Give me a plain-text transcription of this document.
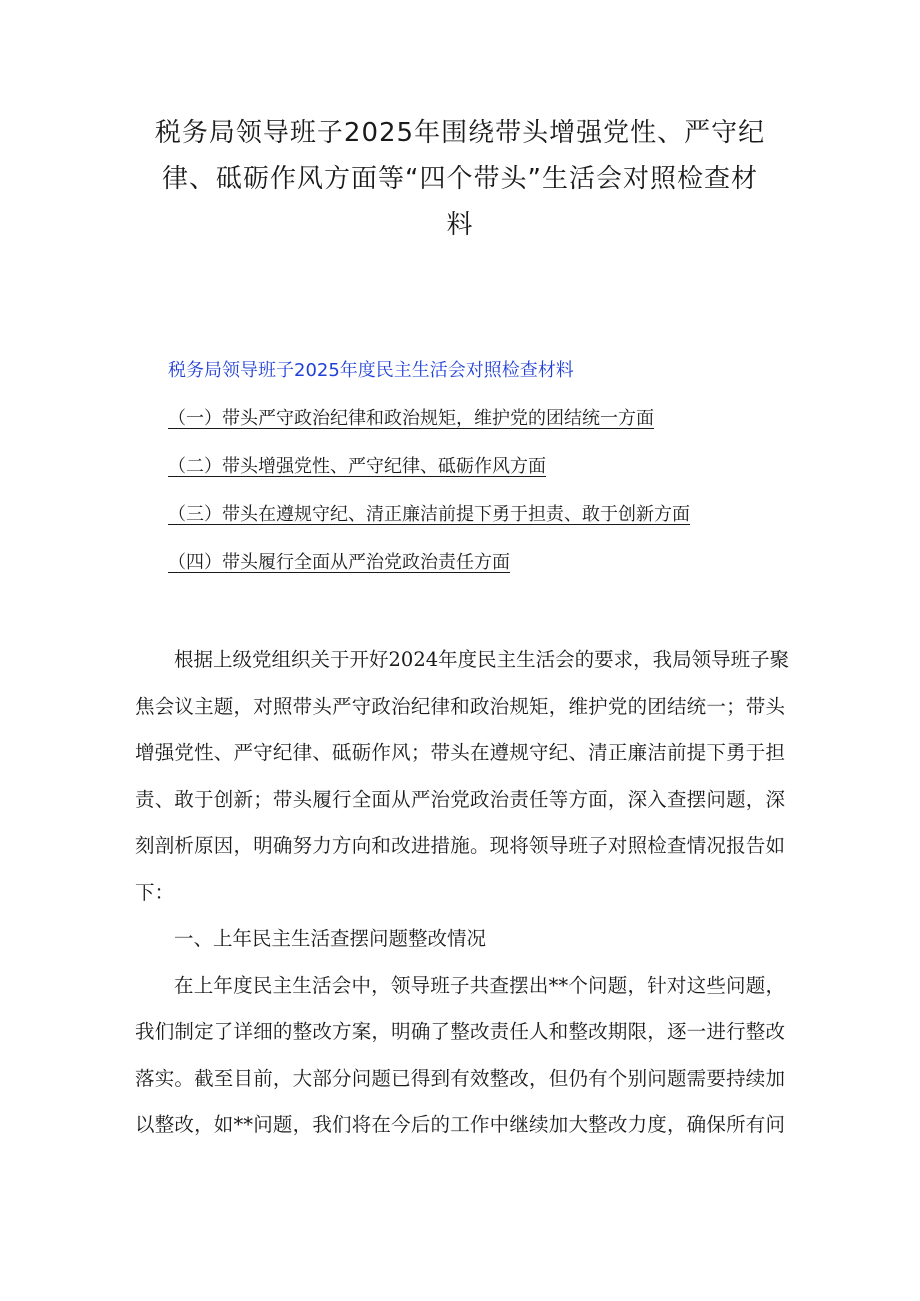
税务局领导班子2025年围绕带头增强党性、严守纪
律、砥砺作风方面等“四个带头”生活会对照检查材
料
税务局领导班子2025年度民主生活会对照检查材料
（一）带头严守政治纪律和政治规矩，维护党的团结统一方面
（二）带头增强党性、严守纪律、砥砺作风方面
（三）带头在遵规守纪、清正廉洁前提下勇于担责、敢于创新方面
（四）带头履行全面从严治党政治责任方面
根据上级党组织关于开好2024年度民主生活会的要求，我局领导班子聚
焦会议主题，对照带头严守政治纪律和政治规矩，维护党的团结统一；带头
增强党性、严守纪律、砥砺作风；带头在遵规守纪、清正廉洁前提下勇于担
责、敢于创新；带头履行全面从严治党政治责任等方面，深入查摆问题，深
刻剖析原因，明确努力方向和改进措施。现将领导班子对照检查情况报告如
下：
一、上年民主生活查摆问题整改情况
在上年度民主生活会中，领导班子共查摆出**个问题，针对这些问题，
我们制定了详细的整改方案，明确了整改责任人和整改期限，逐一进行整改
落实。截至目前，大部分问题已得到有效整改，但仍有个别问题需要持续加
以整改，如**问题，我们将在今后的工作中继续加大整改力度，确保所有问
